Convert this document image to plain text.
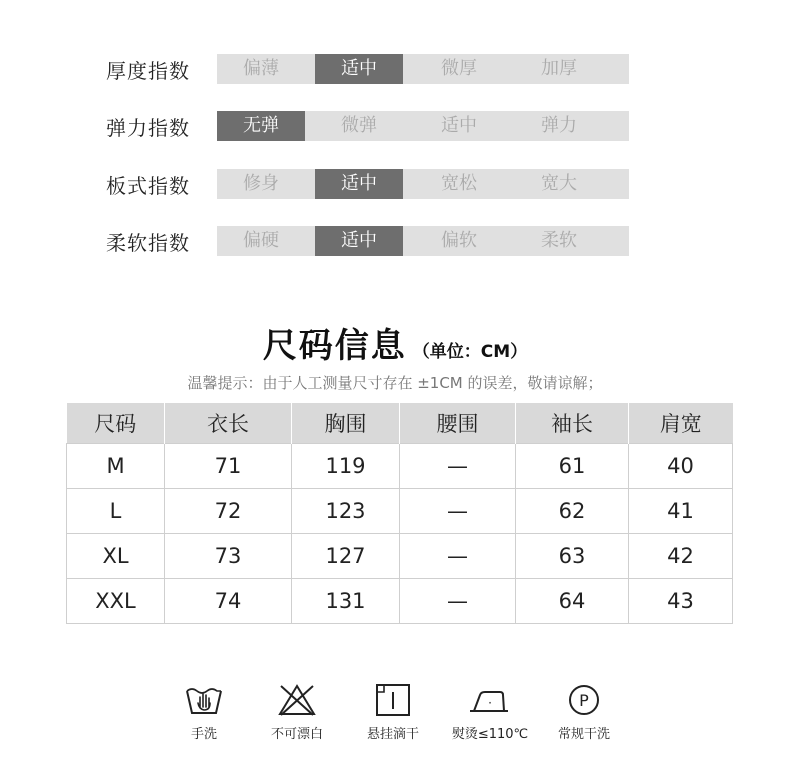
厚度指数	偏薄	适中	微厚	加厚
弹力指数	无弹	微弹	适中	弹力
板式指数	修身	适中	宽松	宽大
柔软指数	偏硬	适中	偏软	柔软
尺码信息 （单位：CM）
温馨提示：由于人工测量尺寸存在 ±1CM 的误差，敬请谅解；
尺码	衣长	胸围	腰围	袖长	肩宽
M	71	119	—	61	40
L	72	123	—	62	41
XL	73	127	—	63	42
XXL	74	131	—	64	43
手洗	不可漂白	悬挂滴干
·
熨烫≤110℃
P
常规干洗
